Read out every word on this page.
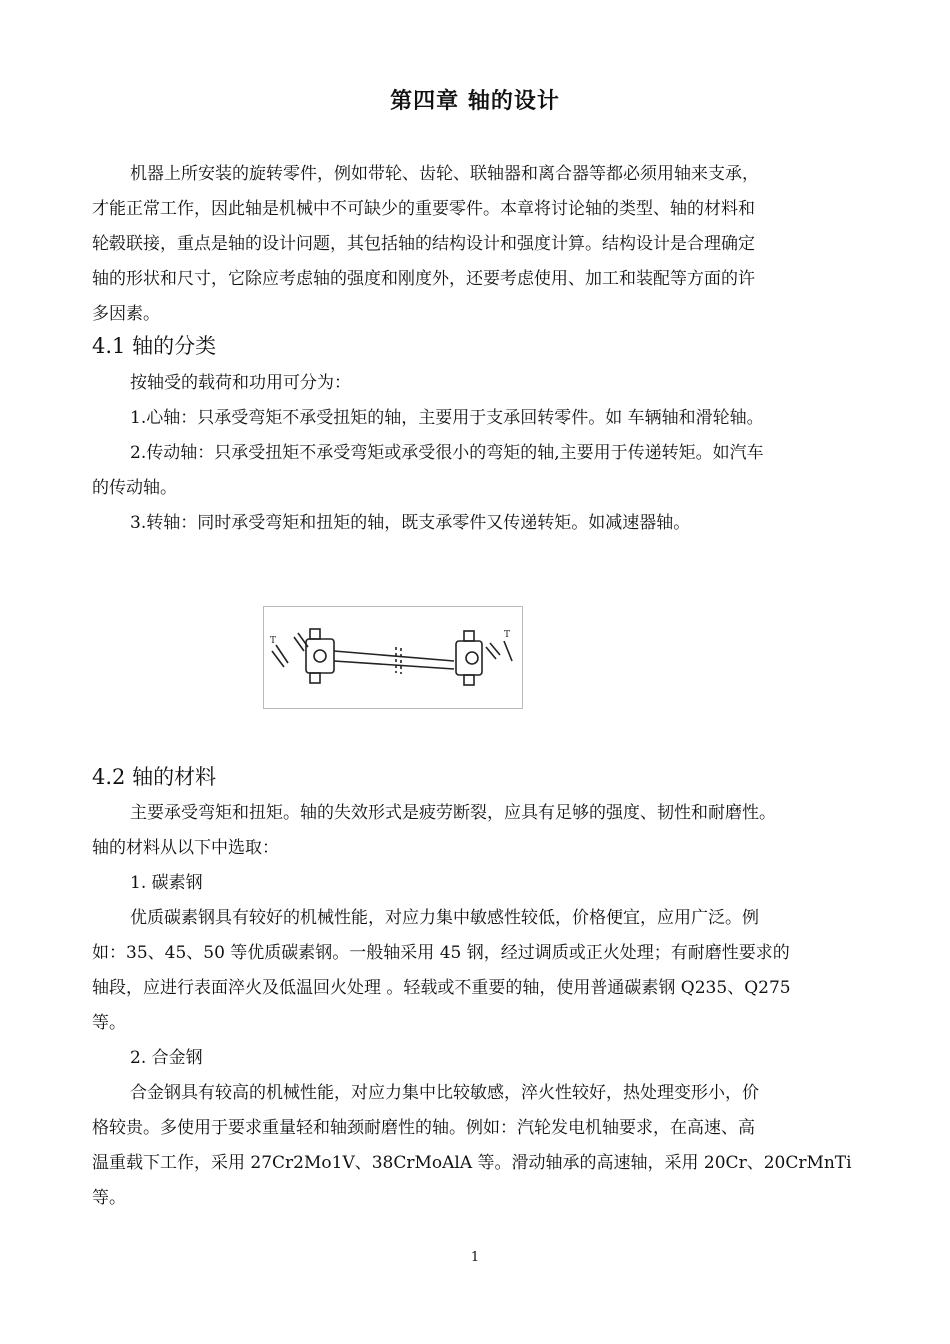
第四章 轴的设计
机器上所安装的旋转零件，例如带轮、齿轮、联轴器和离合器等都必须用轴来支承，
才能正常工作，因此轴是机械中不可缺少的重要零件。本章将讨论轴的类型、轴的材料和
轮毂联接，重点是轴的设计问题，其包括轴的结构设计和强度计算。结构设计是合理确定
轴的形状和尺寸，它除应考虑轴的强度和刚度外，还要考虑使用、加工和装配等方面的许
多因素。
4.1 轴的分类
按轴受的载荷和功用可分为：
1.心轴：只承受弯矩不承受扭矩的轴，主要用于支承回转零件。如 车辆轴和滑轮轴。
2.传动轴：只承受扭矩不承受弯矩或承受很小的弯矩的轴,主要用于传递转矩。如汽车
的传动轴。
3.转轴：同时承受弯矩和扭矩的轴，既支承零件又传递转矩。如减速器轴。
T
T
4.2 轴的材料
主要承受弯矩和扭矩。轴的失效形式是疲劳断裂，应具有足够的强度、韧性和耐磨性。
轴的材料从以下中选取：
1. 碳素钢
优质碳素钢具有较好的机械性能，对应力集中敏感性较低，价格便宜，应用广泛。例
如：35、45、50 等优质碳素钢。一般轴采用 45 钢，经过调质或正火处理；有耐磨性要求的
轴段，应进行表面淬火及低温回火处理 。轻载或不重要的轴，使用普通碳素钢 Q235、Q275
等。
2. 合金钢
合金钢具有较高的机械性能，对应力集中比较敏感，淬火性较好，热处理变形小，价
格较贵。多使用于要求重量轻和轴颈耐磨性的轴。例如：汽轮发电机轴要求，在高速、高
温重载下工作，采用 27Cr2Mo1V、38CrMoAlA 等。滑动轴承的高速轴，采用 20Cr、20CrMnTi
等。
1
